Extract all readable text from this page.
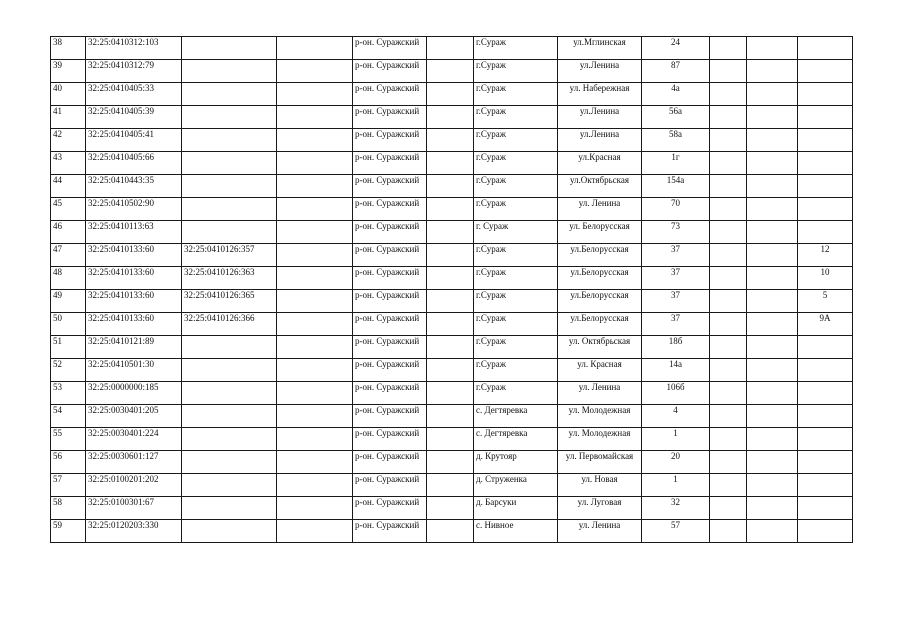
38	32:25:0410312:103			р-он. Суражский		г.Сураж	ул.Мглинская	24			
39	32:25:0410312:79			р-он. Суражский		г.Сураж	ул.Ленина	87			
40	32:25:0410405:33			р-он. Суражский		г.Сураж	ул. Набережная	4а			
41	32:25:0410405:39			р-он. Суражский		г.Сураж	ул.Ленина	56а			
42	32:25:0410405:41			р-он. Суражский		г.Сураж	ул.Ленина	58а			
43	32:25:0410405:66			р-он. Суражский		г.Сураж	ул.Красная	1г			
44	32:25:0410443:35			р-он. Суражский		г.Сураж	ул.Октябрьская	154а			
45	32:25:0410502:90			р-он. Суражский		г.Сураж	ул. Ленина	70			
46	32:25:0410113:63			р-он. Суражский		г. Сураж	ул. Белорусская	73			
47	32:25:0410133:60	32:25:0410126:357		р-он. Суражский		г.Сураж	ул.Белорусская	37			12
48	32:25:0410133:60	32:25:0410126:363		р-он. Суражский		г.Сураж	ул.Белорусская	37			10
49	32:25:0410133:60	32:25:0410126:365		р-он. Суражский		г.Сураж	ул.Белорусская	37			5
50	32:25:0410133:60	32:25:0410126:366		р-он. Суражский		г.Сураж	ул.Белорусская	37			9А
51	32:25:0410121:89			р-он. Суражский		г.Сураж	ул. Октябрьская	18б			
52	32:25:0410501:30			р-он. Суражский		г.Сураж	ул. Красная	14а			
53	32:25:0000000:185			р-он. Суражский		г.Сураж	ул. Ленина	106б			
54	32:25:0030401:205			р-он. Суражский		с. Дегтяревка	ул. Молодежная	4			
55	32:25:0030401:224			р-он. Суражский		с. Дегтяревка	ул. Молодежная	1			
56	32:25:0030601:127			р-он. Суражский		д. Крутояр	ул. Первомайская	20			
57	32:25:0100201:202			р-он. Суражский		д. Струженка	ул. Новая	1			
58	32:25:0100301:67			р-он. Суражский		д. Барсуки	ул. Луговая	32			
59	32:25:0120203:330			р-он. Суражский		с. Нивное	ул. Ленина	57			
